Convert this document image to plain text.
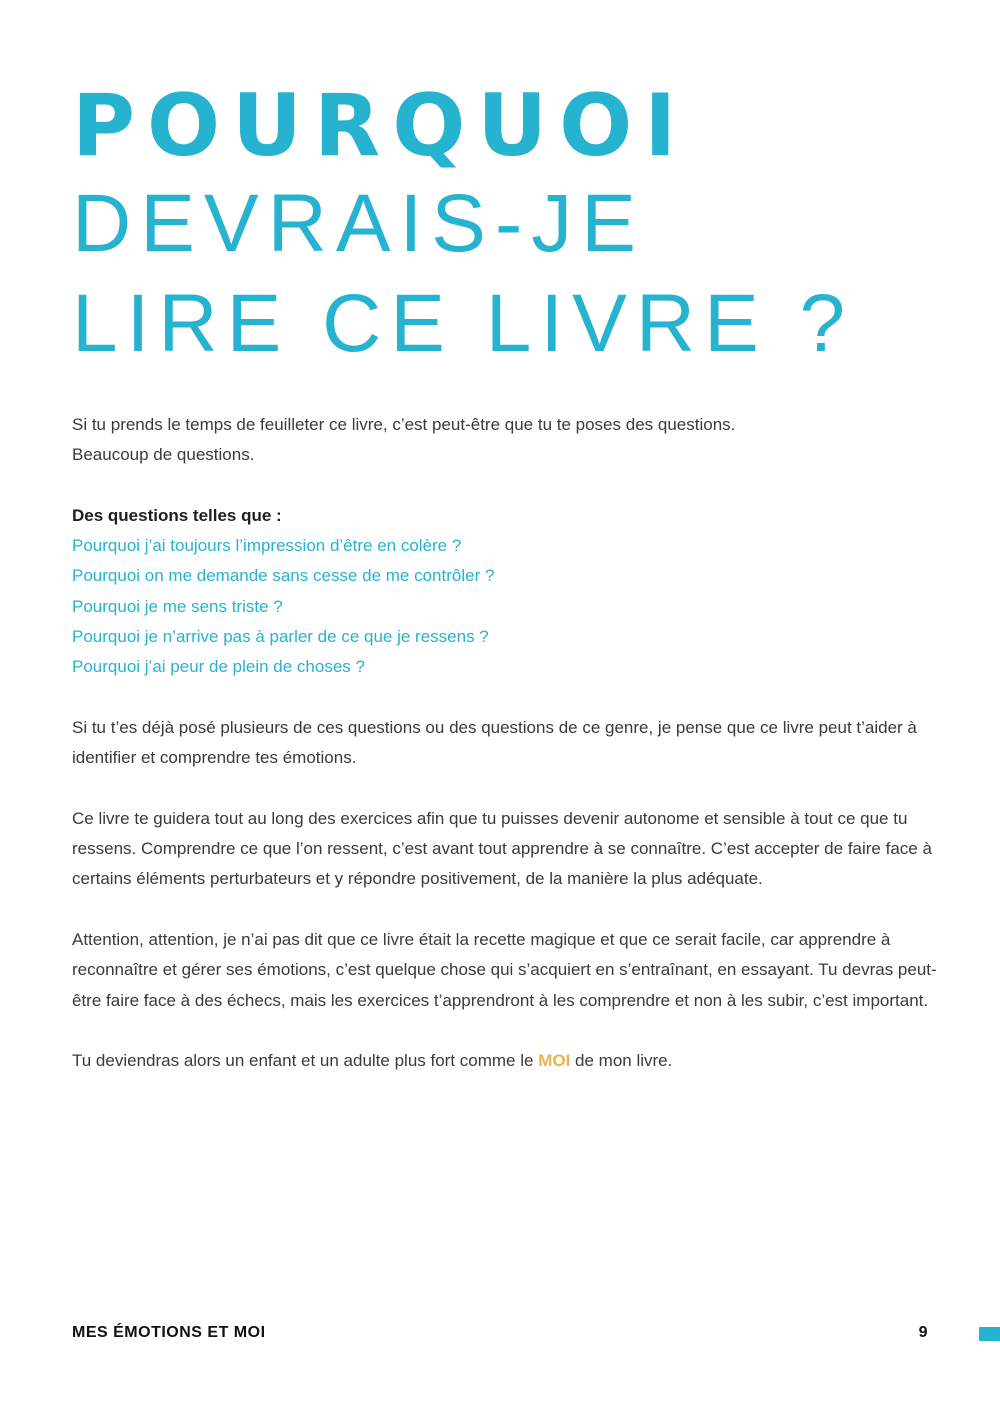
POURQUOI
DEVRAIS-JE
LIRE CE LIVRE ?

Si tu prends le temps de feuilleter ce livre, c’est peut-être que tu te poses des questions.
Beaucoup de questions.

Des questions telles que :
Pourquoi j’ai toujours l’impression d’être en colère ?
Pourquoi on me demande sans cesse de me contrôler ?
Pourquoi je me sens triste ?
Pourquoi je n’arrive pas à parler de ce que je ressens ?
Pourquoi j’ai peur de plein de choses ?

Si tu t’es déjà posé plusieurs de ces questions ou des questions de ce genre, je pense que ce livre peut t’aider à identifier et comprendre tes émotions.

Ce livre te guidera tout au long des exercices afin que tu puisses devenir autonome et sensible à tout ce que tu ressens. Comprendre ce que l’on ressent, c’est avant tout apprendre à se connaître. C’est accepter de faire face à certains éléments perturbateurs et y répondre positivement, de la manière la plus adéquate.

Attention, attention, je n’ai pas dit que ce livre était la recette magique et que ce serait facile, car apprendre à reconnaître et gérer ses émotions, c’est quelque chose qui s’acquiert en s’entraînant, en essayant. Tu devras peut-être faire face à des échecs, mais les exercices t’apprendront à les comprendre et non à les subir, c’est important.

Tu deviendras alors un enfant et un adulte plus fort comme le MOI de mon livre.

MES ÉMOTIONS ET MOI	9
